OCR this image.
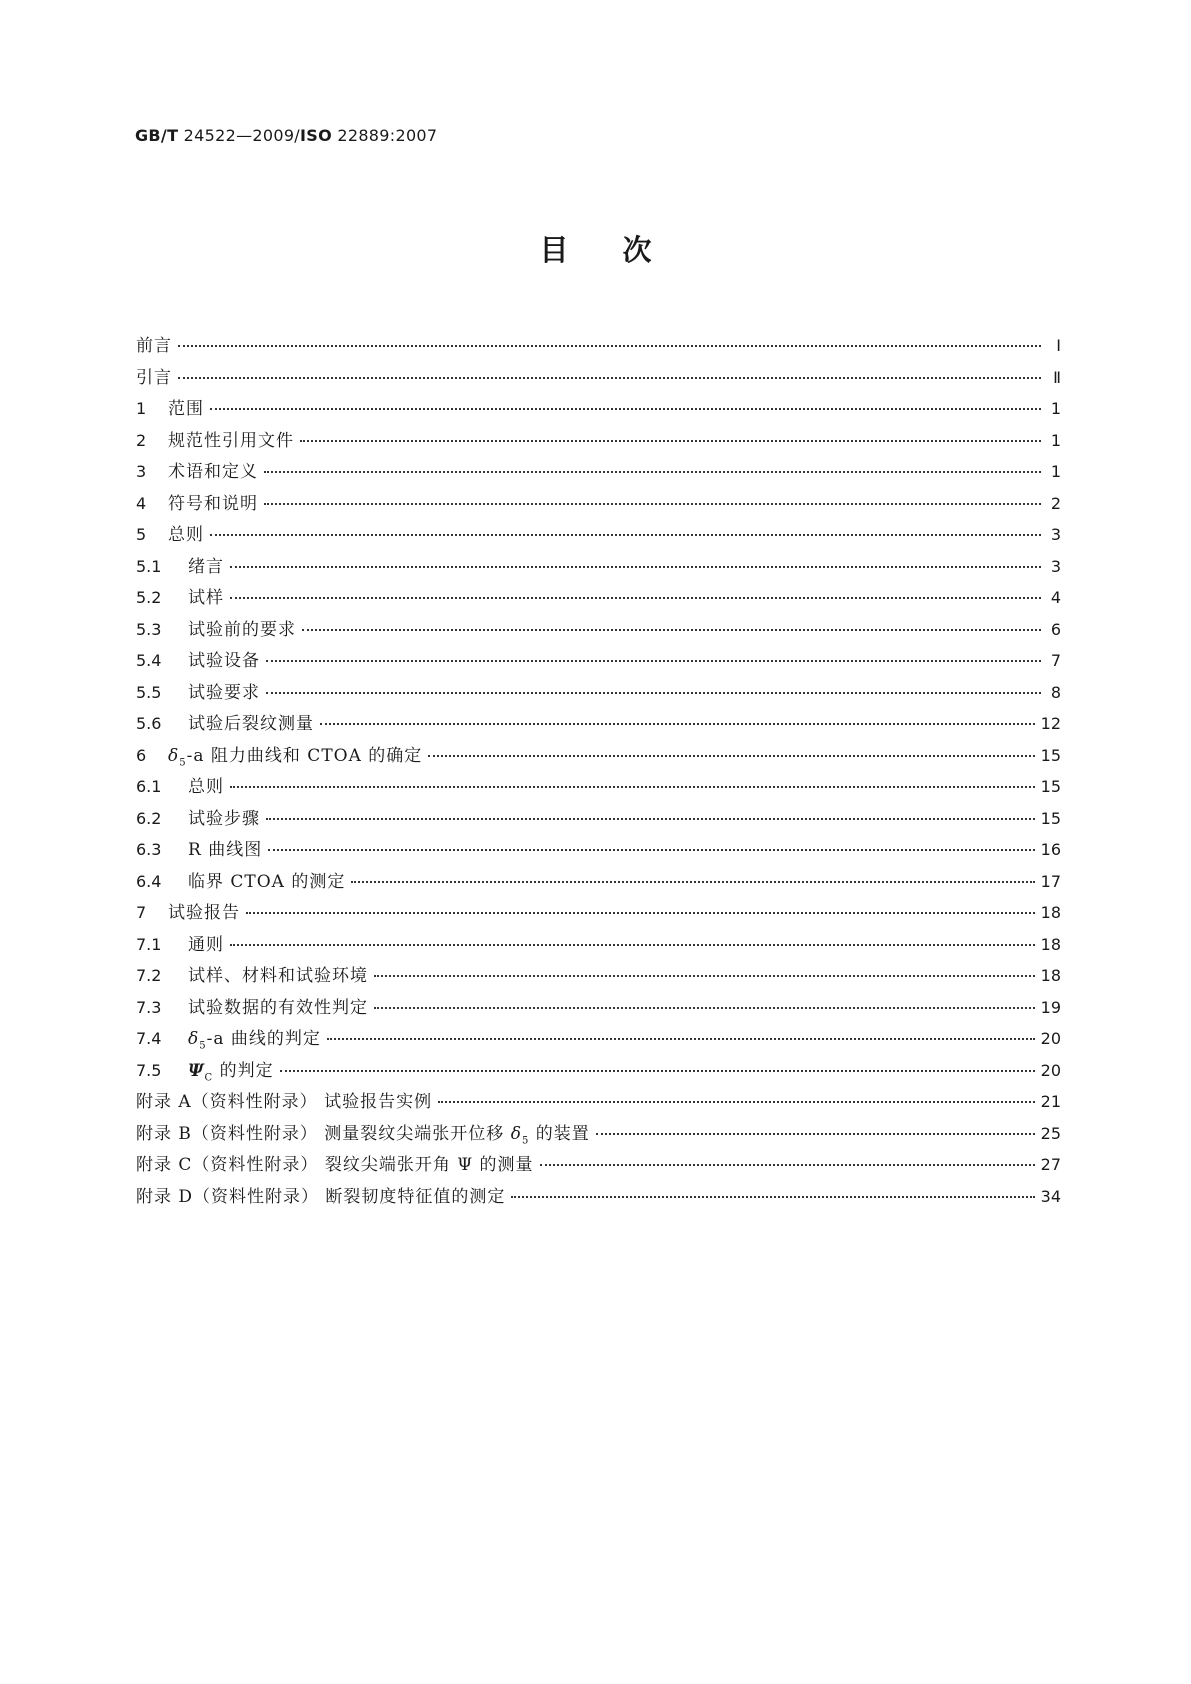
GB/T 24522—2009/ISO 22889:2007
目次
前言	Ⅰ
引言	Ⅱ
1	范围	1
2	规范性引用文件	1
3	术语和定义	1
4	符号和说明	2
5	总则	3
5.1	绪言	3
5.2	试样	4
5.3	试验前的要求	6
5.4	试验设备	7
5.5	试验要求	8
5.6	试验后裂纹测量	12
6	$\delta_5-a$ 阻力曲线和 CTOA 的确定	15
6.1	总则	15
6.2	试验步骤	15
6.3	R 曲线图	16
6.4	临界 CTOA 的测定	17
7	试验报告	18
7.1	通则	18
7.2	试样、材料和试验环境	18
7.3	试验数据的有效性判定	19
7.4	$\delta_5-a$ 曲线的判定	20
7.5	$\Psi_C$ 的判定	20
附录 A（资料性附录） 试验报告实例	21
附录 B（资料性附录） 测量裂纹尖端张开位移 $\delta_5$ 的装置	25
附录 C（资料性附录） 裂纹尖端张开角 Ψ 的测量	27
附录 D（资料性附录） 断裂韧度特征值的测定	34
